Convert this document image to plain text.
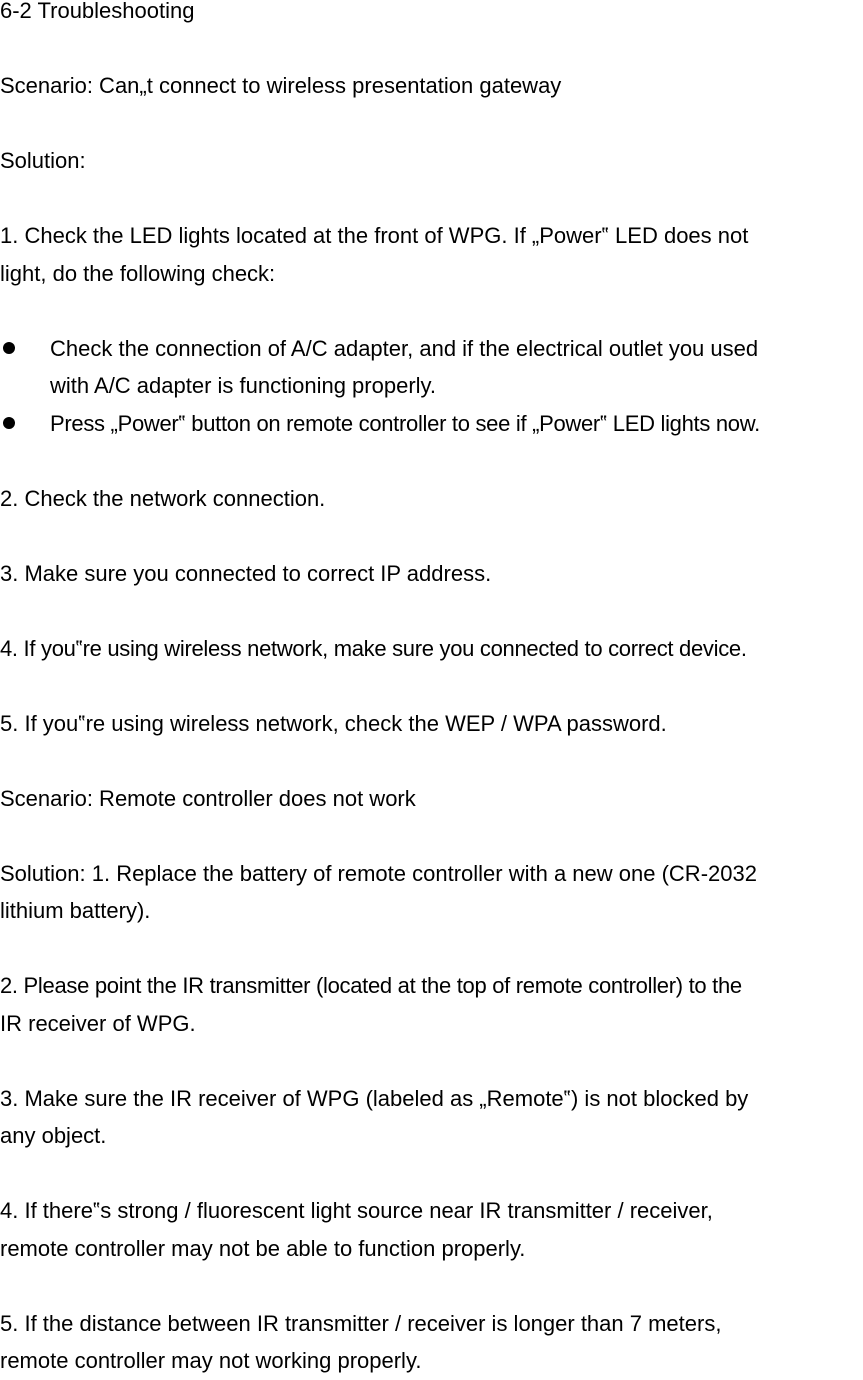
6-2 Troubleshooting
Scenario: Can„t connect to wireless presentation gateway
Solution:
1. Check the LED lights located at the front of WPG. If „Power‟ LED does not
light, do the following check:
Check the connection of A/C adapter, and if the electrical outlet you used
with A/C adapter is functioning properly.
Press „Power‟ button on remote controller to see if „Power‟ LED lights now.
2. Check the network connection.
3. Make sure you connected to correct IP address.
4. If you‟re using wireless network, make sure you connected to correct device.
5. If you‟re using wireless network, check the WEP / WPA password.
Scenario: Remote controller does not work
Solution: 1. Replace the battery of remote controller with a new one (CR-2032
lithium battery).
2. Please point the IR transmitter (located at the top of remote controller) to the
IR receiver of WPG.
3. Make sure the IR receiver of WPG (labeled as „Remote‟) is not blocked by
any object.
4. If there‟s strong / fluorescent light source near IR transmitter / receiver,
remote controller may not be able to function properly.
5. If the distance between IR transmitter / receiver is longer than 7 meters,
remote controller may not working properly.
